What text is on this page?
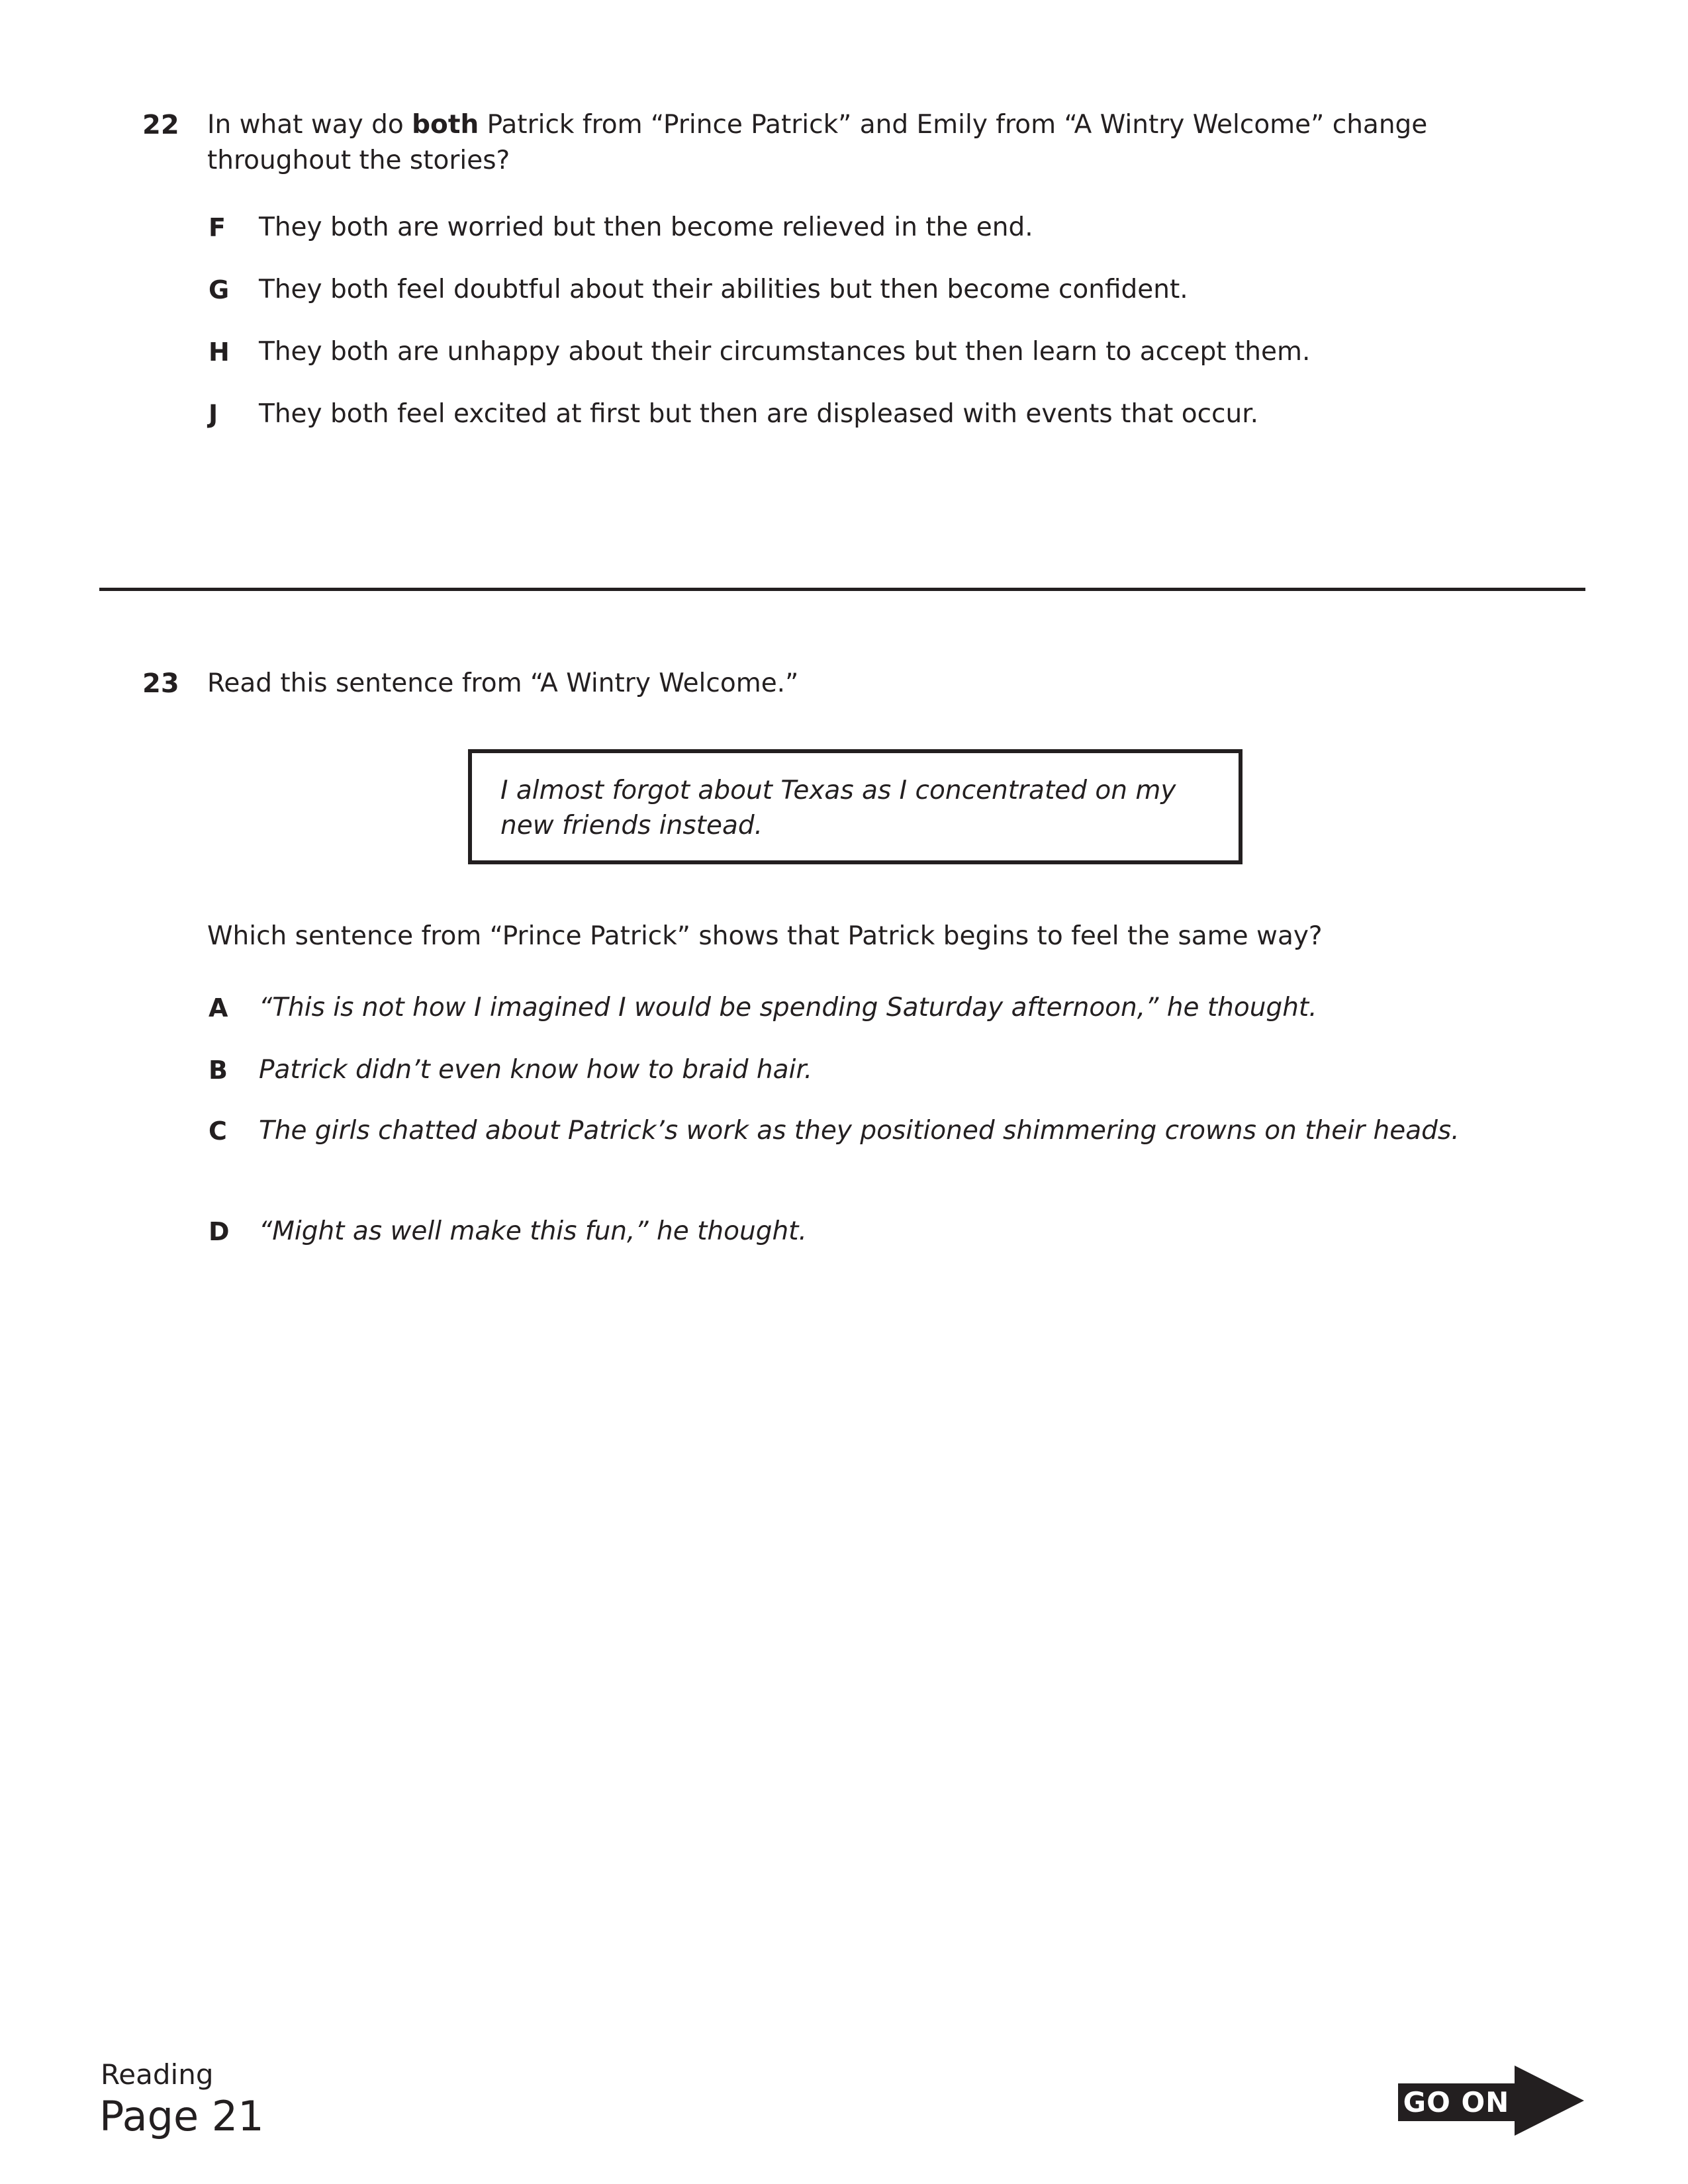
22	In what way do both Patrick from “Prince Patrick” and Emily from “A Wintry Welcome” change throughout the stories?
F	They both are worried but then become relieved in the end.
G	They both feel doubtful about their abilities but then become confident.
H	They both are unhappy about their circumstances but then learn to accept them.
J	They both feel excited at first but then are displeased with events that occur.
23	Read this sentence from “A Wintry Welcome.”
I almost forgot about Texas as I concentrated on my new friends instead.
Which sentence from “Prince Patrick” shows that Patrick begins to feel the same way?
A	“This is not how I imagined I would be spending Saturday afternoon,” he thought.
B	Patrick didn’t even know how to braid hair.
C	The girls chatted about Patrick’s work as they positioned shimmering crowns on their heads.
D	“Might as well make this fun,” he thought.
Reading
Page 21	GO ON
